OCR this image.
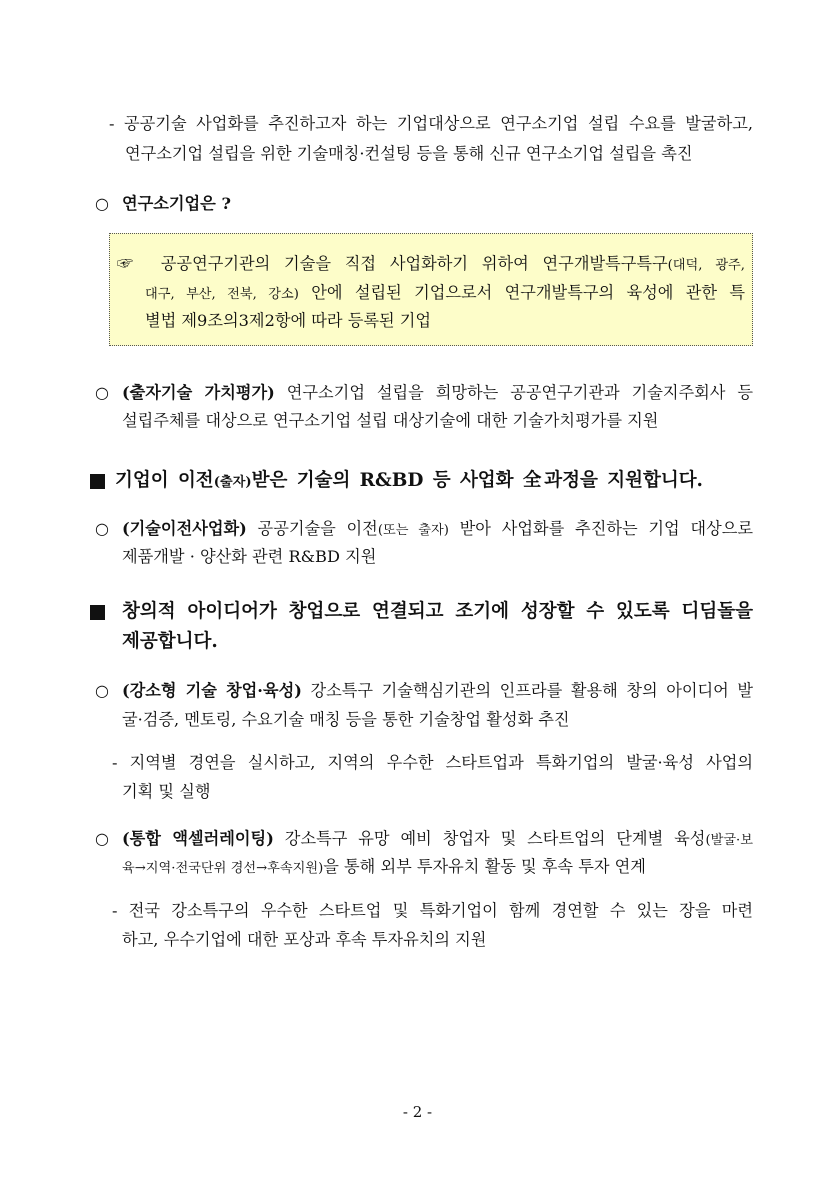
- 공공기술 사업화를 추진하고자 하는 기업대상으로 연구소기업 설립 수요를 발굴하고,
연구소기업 설립을 위한 기술매칭·컨설팅 등을 통해 신규 연구소기업 설립을 촉진
○ 연구소기업은 ?
☞ 공공연구기관의 기술을 직접 사업화하기 위하여 연구개발특구특구(대덕, 광주,
대구, 부산, 전북, 강소) 안에 설립된 기업으로서 연구개발특구의 육성에 관한 특
별법 제9조의3제2항에 따라 등록된 기업
○ (출자기술 가치평가) 연구소기업 설립을 희망하는 공공연구기관과 기술지주회사 등
설립주체를 대상으로 연구소기업 설립 대상기술에 대한 기술가치평가를 지원
기업이 이전(출자)받은 기술의 R&BD 등 사업화 全과정을 지원합니다.
○ (기술이전사업화) 공공기술을 이전(또는 출자) 받아 사업화를 추진하는 기업 대상으로
제품개발 · 양산화 관련 R&BD 지원
창의적 아이디어가 창업으로 연결되고 조기에 성장할 수 있도록 디딤돌을
제공합니다.
○ (강소형 기술 창업·육성) 강소특구 기술핵심기관의 인프라를 활용해 창의 아이디어 발
굴·검증, 멘토링, 수요기술 매칭 등을 통한 기술창업 활성화 추진
- 지역별 경연을 실시하고, 지역의 우수한 스타트업과 특화기업의 발굴·육성 사업의
기획 및 실행
○ (통합 액셀러레이팅) 강소특구 유망 예비 창업자 및 스타트업의 단계별 육성(발굴·보
육→지역·전국단위 경선→후속지원)을 통해 외부 투자유치 활동 및 후속 투자 연계
- 전국 강소특구의 우수한 스타트업 및 특화기업이 함께 경연할 수 있는 장을 마련
하고, 우수기업에 대한 포상과 후속 투자유치의 지원
- 2 -
